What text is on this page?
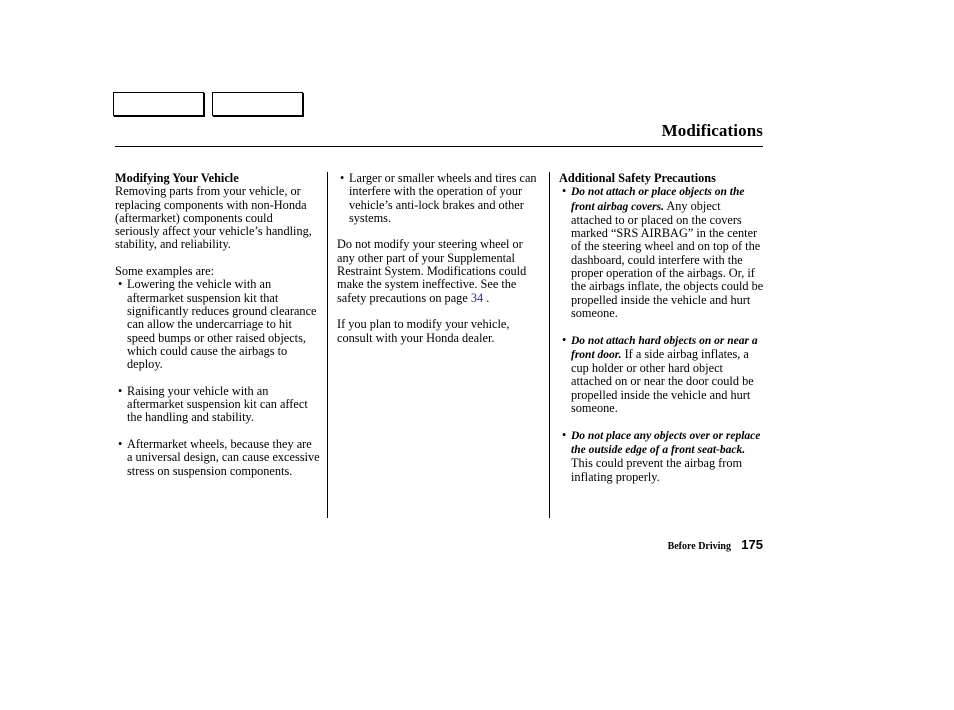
Modifications
Modifying Your Vehicle

Removing parts from your vehicle, or replacing components with non-Honda (aftermarket) components could seriously affect your vehicle’s handling, stability, and reliability.

Some examples are:
• Lowering the vehicle with an aftermarket suspension kit that significantly reduces ground clearance can allow the undercarriage to hit speed bumps or other raised objects, which could cause the airbags to deploy.
• Raising your vehicle with an aftermarket suspension kit can affect the handling and stability.
• Aftermarket wheels, because they are a universal design, can cause excessive stress on suspension components.
• Larger or smaller wheels and tires can interfere with the operation of your vehicle’s anti-lock brakes and other systems.

Do not modify your steering wheel or any other part of your Supplemental Restraint System. Modifications could make the system ineffective. See the safety precautions on page 34 .

If you plan to modify your vehicle, consult with your Honda dealer.

Additional Safety Precautions
• Do not attach or place objects on the front airbag covers. Any object attached to or placed on the covers marked “SRS AIRBAG” in the center of the steering wheel and on top of the dashboard, could interfere with the proper operation of the airbags. Or, if the airbags inflate, the objects could be propelled inside the vehicle and hurt someone.
• Do not attach hard objects on or near a front door. If a side airbag inflates, a cup holder or other hard object attached on or near the door could be propelled inside the vehicle and hurt someone.
• Do not place any objects over or replace the outside edge of a front seat-back. This could prevent the airbag from inflating properly.
Before Driving 175
